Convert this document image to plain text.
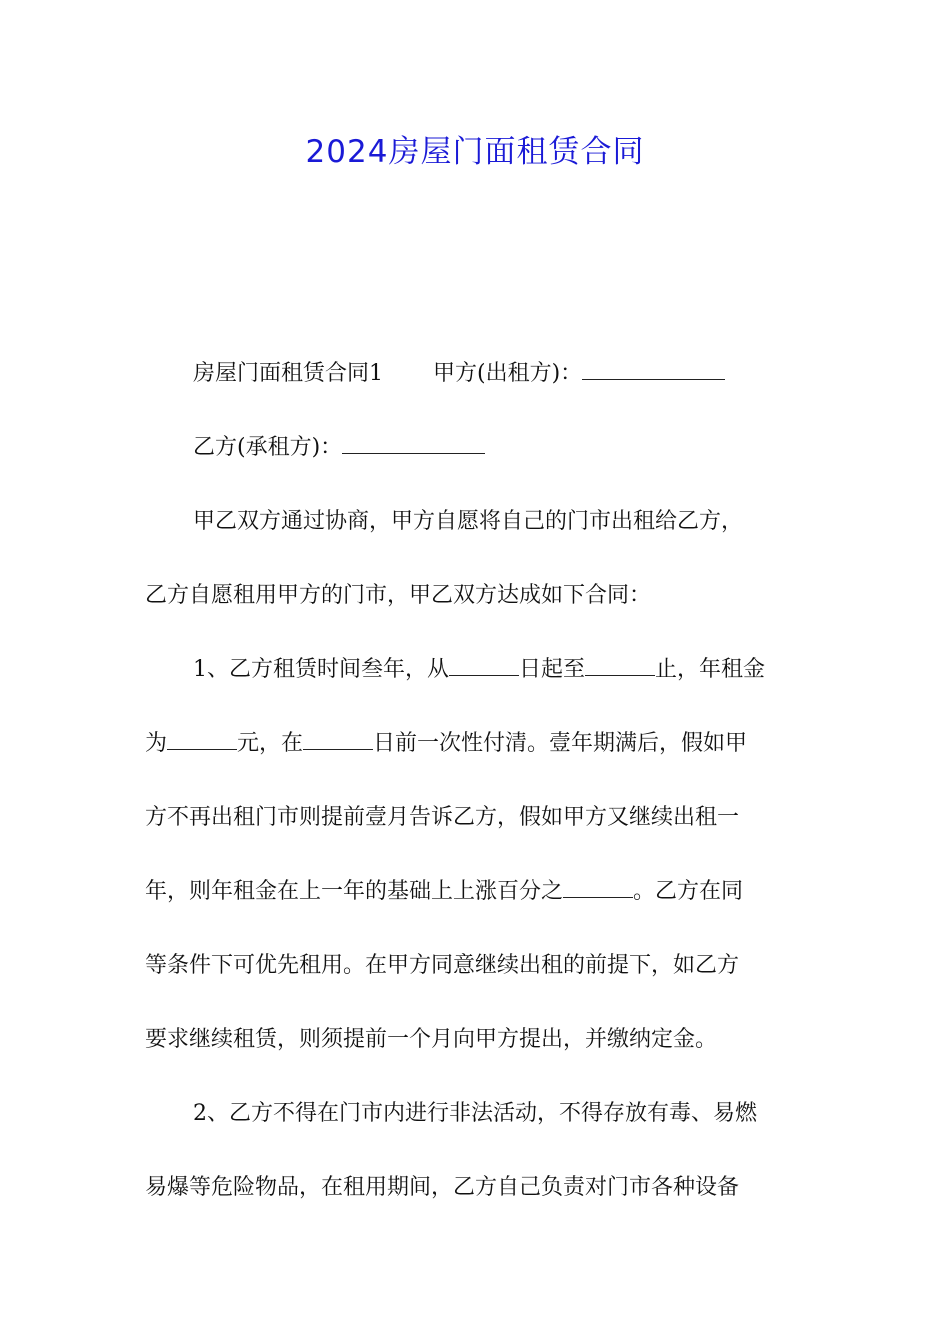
2024房屋门面租赁合同
房屋门面租赁合同1 甲方(出租方)：
乙方(承租方)：
甲乙双方通过协商，甲方自愿将自己的门市出租给乙方，
乙方自愿租用甲方的门市，甲乙双方达成如下合同：
1、乙方租赁时间叁年，从	日起至	止，年租金
为	元，在	日前一次性付清。壹年期满后，假如甲
方不再出租门市则提前壹月告诉乙方，假如甲方又继续出租一
年，则年租金在上一年的基础上上涨百分之	。乙方在同
等条件下可优先租用。在甲方同意继续出租的前提下，如乙方
要求继续租赁，则须提前一个月向甲方提出，并缴纳定金。
2、乙方不得在门市内进行非法活动，不得存放有毒、易燃
易爆等危险物品，在租用期间，乙方自己负责对门市各种设备
